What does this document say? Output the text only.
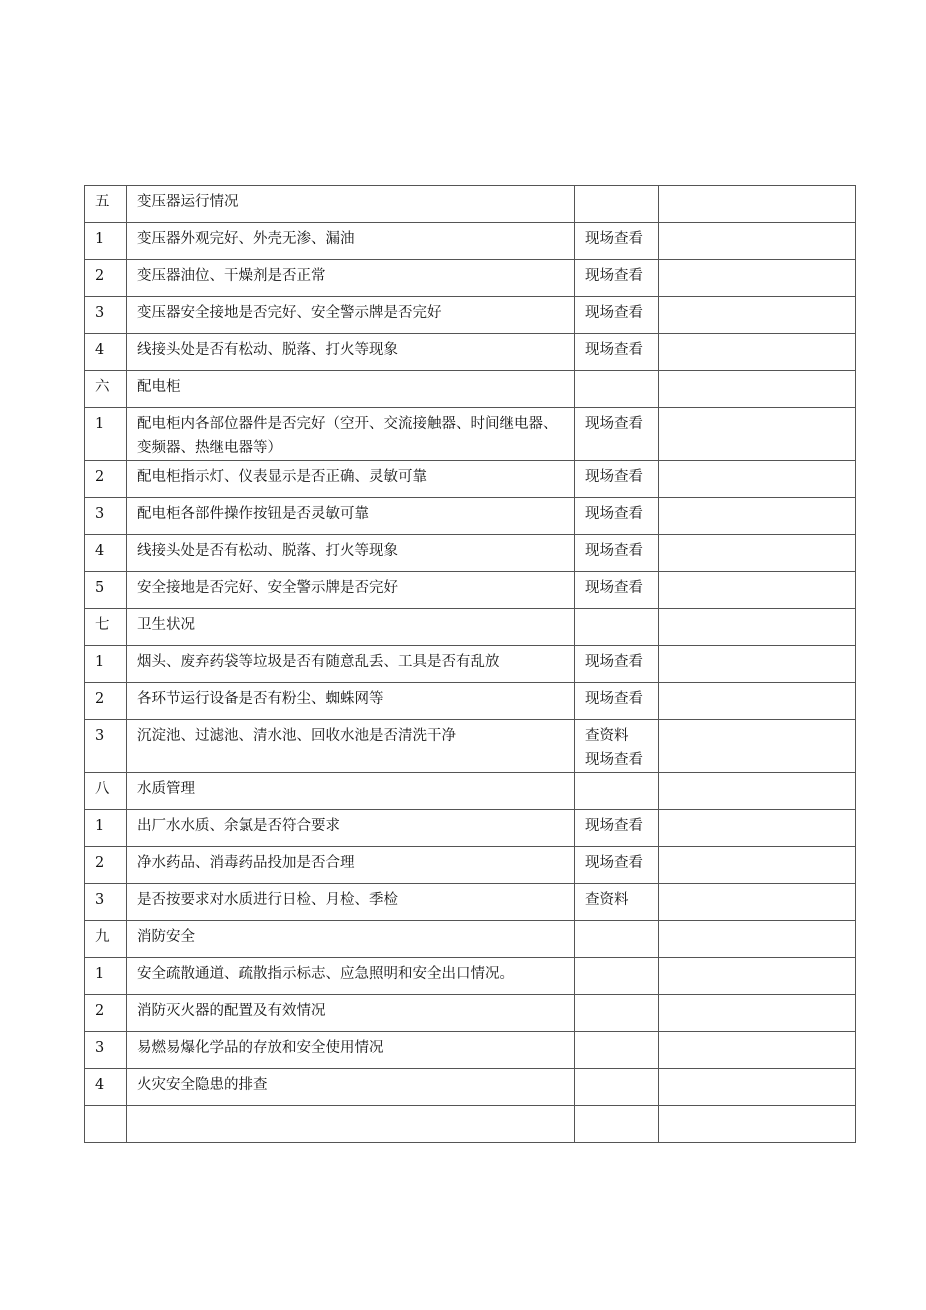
五	变压器运行情况		
1	变压器外观完好、外壳无渗、漏油	现场查看	

2	变压器油位、干燥剂是否正常	现场查看	

3	变压器安全接地是否完好、安全警示牌是否完好	现场查看	

4	线接头处是否有松动、脱落、打火等现象	现场查看	

六	配电柜		
1	配电柜内各部位器件是否完好（空开、交流接触器、时间继电器、变频器、热继电器等）	现场查看	

2	配电柜指示灯、仪表显示是否正确、灵敏可靠	现场查看	

3	配电柜各部件操作按钮是否灵敏可靠	现场查看	

4	线接头处是否有松动、脱落、打火等现象	现场查看	

5	安全接地是否完好、安全警示牌是否完好	现场查看	

七	卫生状况		
1	烟头、废弃药袋等垃圾是否有随意乱丢、工具是否有乱放	现场查看	

2	各环节运行设备是否有粉尘、蜘蛛网等	现场查看	

3	沉淀池、过滤池、清水池、回收水池是否清洗干净	查资料
现场查看	

八	水质管理		
1	出厂水水质、余氯是否符合要求	现场查看	

2	净水药品、消毒药品投加是否合理	现场查看	

3	是否按要求对水质进行日检、月检、季检	查资料	

九	消防安全		
1	安全疏散通道、疏散指示标志、应急照明和安全出口情况。		
2	消防灭火器的配置及有效情况		
3	易燃易爆化学品的存放和安全使用情况		
4	火灾安全隐患的排查		
